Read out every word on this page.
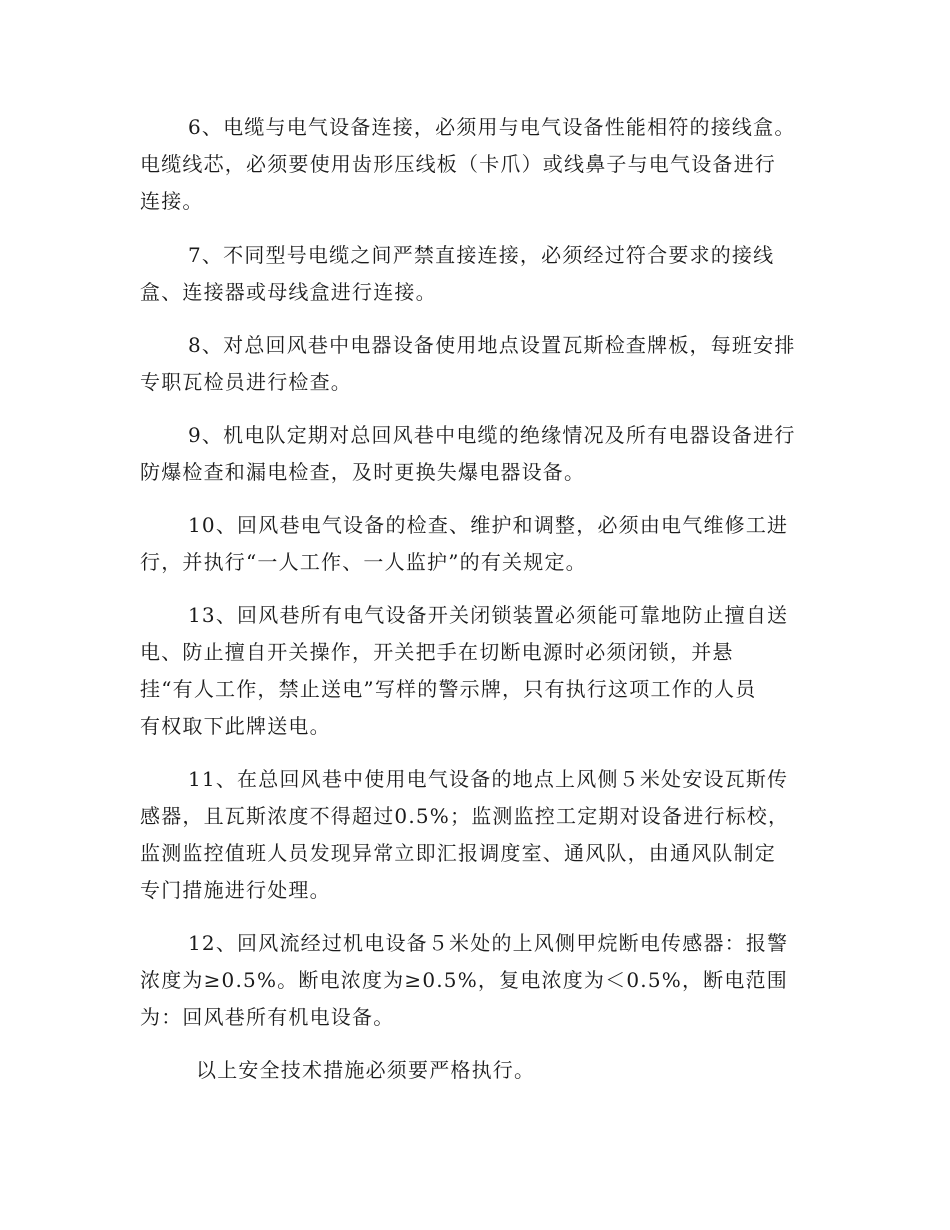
6、电缆与电气设备连接，必须用与电气设备性能相符的接线盒。
电缆线芯，必须要使用齿形压线板（卡爪）或线鼻子与电气设备进行
连接。
7、不同型号电缆之间严禁直接连接，必须经过符合要求的接线
盒、连接器或母线盒进行连接。
8、对总回风巷中电器设备使用地点设置瓦斯检查牌板，每班安排
专职瓦检员进行检查。
9、机电队定期对总回风巷中电缆的绝缘情况及所有电器设备进行
防爆检查和漏电检查，及时更换失爆电器设备。
10、回风巷电气设备的检查、维护和调整，必须由电气维修工进
行，并执行“一人工作、一人监护”的有关规定。
13、回风巷所有电气设备开关闭锁装置必须能可靠地防止擅自送
电、防止擅自开关操作，开关把手在切断电源时必须闭锁，并悬
挂“有人工作，禁止送电”写样的警示牌，只有执行这项工作的人员
有权取下此牌送电。
11、在总回风巷中使用电气设备的地点上风侧５米处安设瓦斯传
感器，且瓦斯浓度不得超过0.5%；监测监控工定期对设备进行标校，
监测监控值班人员发现异常立即汇报调度室、通风队，由通风队制定
专门措施进行处理。
12、回风流经过机电设备５米处的上风侧甲烷断电传感器：报警
浓度为≥0.5%。断电浓度为≥0.5%，复电浓度为＜0.5%，断电范围
为：回风巷所有机电设备。
以上安全技术措施必须要严格执行。
